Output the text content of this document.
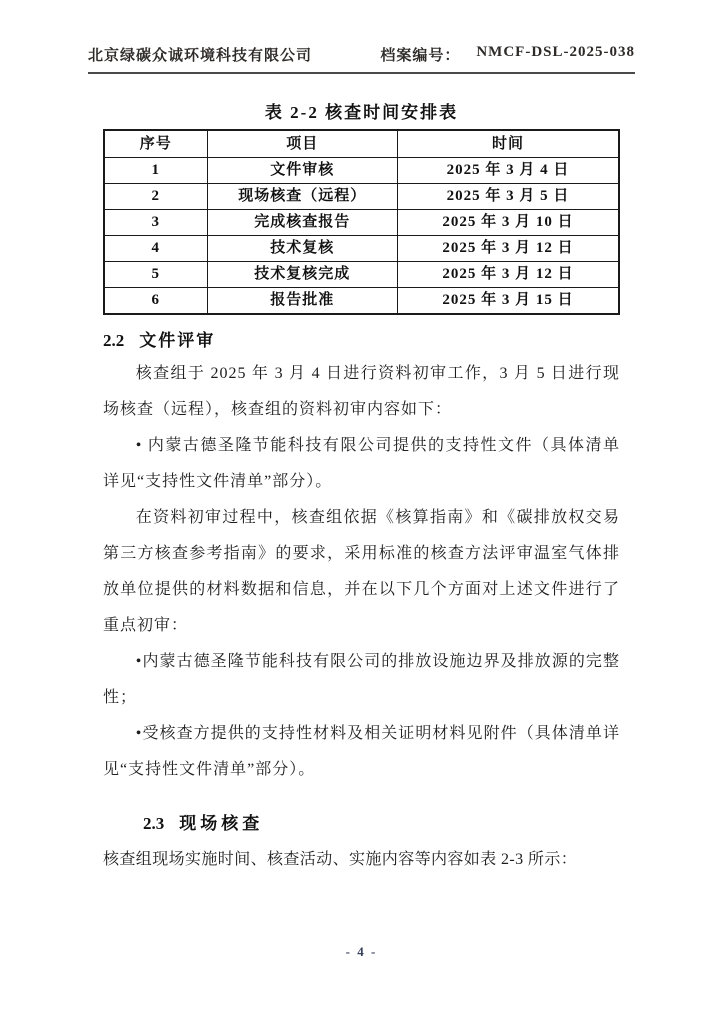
北京绿碳众诚环境科技有限公司	档案编号： NMCF-DSL-2025-038
表 2-2 核查时间安排表
序号	项目	时间
1	文件审核	2025 年 3 月 4 日
2	现场核查（远程）	2025 年 3 月 5 日
3	完成核查报告	2025 年 3 月 10 日
4	技术复核	2025 年 3 月 12 日
5	技术复核完成	2025 年 3 月 12 日
6	报告批准	2025 年 3 月 15 日
2.2 文件评审

核查组于 2025 年 3 月 4 日进行资料初审工作，3 月 5 日进行现场核查（远程），核查组的资料初审内容如下：

• 内蒙古德圣隆节能科技有限公司提供的支持性文件（具体清单详见“支持性文件清单”部分）。

在资料初审过程中，核查组依据《核算指南》和《碳排放权交易第三方核查参考指南》的要求，采用标准的核查方法评审温室气体排放单位提供的材料数据和信息，并在以下几个方面对上述文件进行了重点初审：

•内蒙古德圣隆节能科技有限公司的排放设施边界及排放源的完整性；

•受核查方提供的支持性材料及相关证明材料见附件（具体清单详见“支持性文件清单”部分）。

2.3 现场核查

核查组现场实施时间、核查活动、实施内容等内容如表 2-3 所示：

- 4 -
